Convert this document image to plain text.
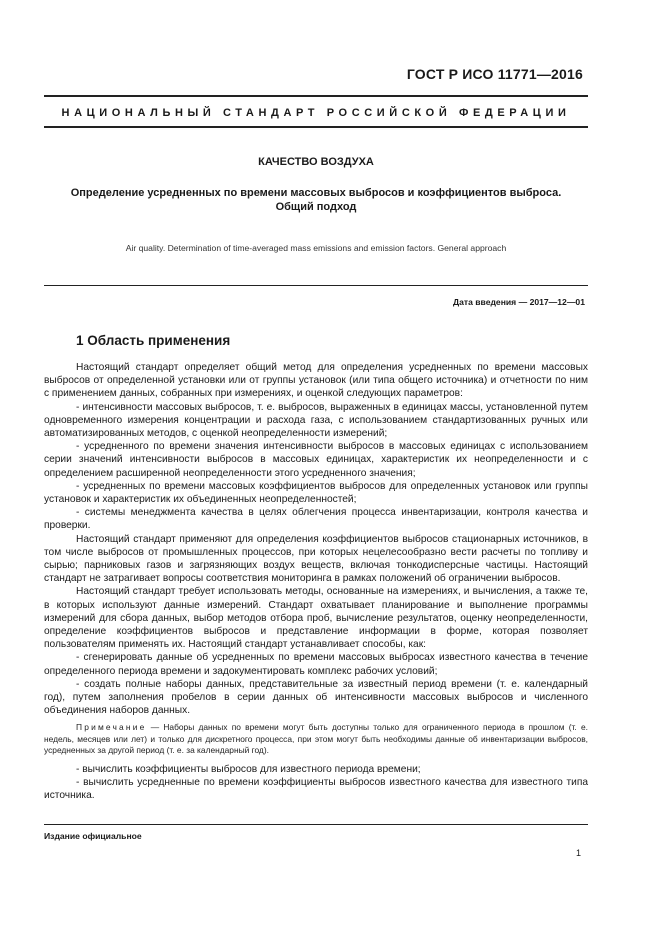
ГОСТ Р ИСО 11771—2016
НАЦИОНАЛЬНЫЙ СТАНДАРТ РОССИЙСКОЙ ФЕДЕРАЦИИ
КАЧЕСТВО ВОЗДУХА
Определение усредненных по времени массовых выбросов и коэффициентов выброса.
Общий подход
Air quality. Determination of time-averaged mass emissions and emission factors. General approach
Дата введения — 2017—12—01
1 Область применения

Настоящий стандарт определяет общий метод для определения усредненных по времени массовых выбросов от определенной установки или от группы установок (или типа общего источника) и отчетности по ним с применением данных, собранных при измерениях, и оценкой следующих параметров:

- интенсивности массовых выбросов, т. е. выбросов, выраженных в единицах массы, установленной путем одновременного измерения концентрации и расхода газа, с использованием стандартизованных ручных или автоматизированных методов, с оценкой неопределенности измерений;

- усредненного по времени значения интенсивности выбросов в массовых единицах с использованием серии значений интенсивности выбросов в массовых единицах, характеристик их неопределенности и с определением расширенной неопределенности этого усредненного значения;

- усредненных по времени массовых коэффициентов выбросов для определенных установок или группы установок и характеристик их объединенных неопределенностей;

- системы менеджмента качества в целях облегчения процесса инвентаризации, контроля качества и проверки.

Настоящий стандарт применяют для определения коэффициентов выбросов стационарных источников, в том числе выбросов от промышленных процессов, при которых нецелесообразно вести расчеты по топливу и сырью; парниковых газов и загрязняющих воздух веществ, включая тонкодисперсные частицы. Настоящий стандарт не затрагивает вопросы соответствия мониторинга в рамках положений об ограничении выбросов.

Настоящий стандарт требует использовать методы, основанные на измерениях, и вычисления, а также те, в которых используют данные измерений. Стандарт охватывает планирование и выполнение программы измерений для сбора данных, выбор методов отбора проб, вычисление результатов, оценку неопределенности, определение коэффициентов выбросов и представление информации в форме, которая позволяет пользователям применять их. Настоящий стандарт устанавливает способы, как:

- сгенерировать данные об усредненных по времени массовых выбросах известного качества в течение определенного периода времени и задокументировать комплекс рабочих условий;

- создать полные наборы данных, представительные за известный период времени (т. е. календарный год), путем заполнения пробелов в серии данных об интенсивности массовых выбросов и численного объединения наборов данных.

Примечание — Наборы данных по времени могут быть доступны только для ограниченного периода в прошлом (т. е. недель, месяцев или лет) и только для дискретного процесса, при этом могут быть необходимы данные об инвентаризации выбросов, усредненных за другой период (т. е. за календарный год).

- вычислить коэффициенты выбросов для известного периода времени;

- вычислить усредненные по времени коэффициенты выбросов известного качества для известного типа источника.

Издание официальное
1
